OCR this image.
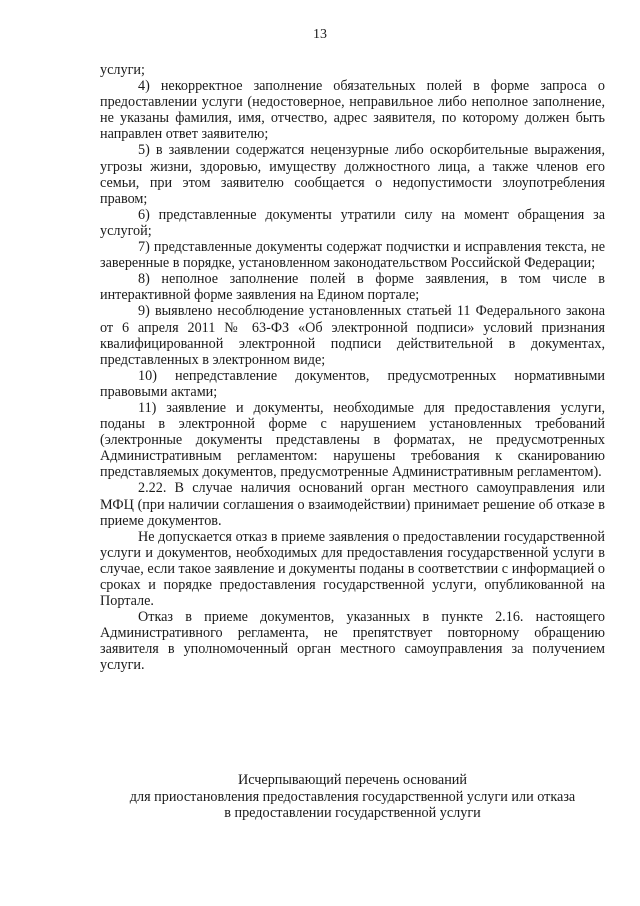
13

услуги;

4) некорректное заполнение обязательных полей в форме запроса о предоставлении услуги (недостоверное, неправильное либо неполное заполнение, не указаны фамилия, имя, отчество, адрес заявителя, по которому должен быть направлен ответ заявителю;

5) в заявлении содержатся нецензурные либо оскорбительные выражения, угрозы жизни, здоровью, имуществу должностного лица, а также членов его семьи, при этом заявителю сообщается о недопустимости злоупотребления правом;

6) представленные документы утратили силу на момент обращения за услугой;

7) представленные документы содержат подчистки и исправления текста, не заверенные в порядке, установленном законодательством Российской Федерации;

8) неполное заполнение полей в форме заявления, в том числе в интерактивной форме заявления на Едином портале;

9) выявлено несоблюдение установленных статьей 11 Федерального закона от 6 апреля 2011 № 63-ФЗ «Об электронной подписи» условий признания квалифицированной электронной подписи действительной в документах, представленных в электронном виде;

10) непредставление документов, предусмотренных нормативными правовыми актами;

11) заявление и документы, необходимые для предоставления услуги, поданы в электронной форме с нарушением установленных требований (электронные документы представлены в форматах, не предусмотренных Административным регламентом: нарушены требования к сканированию представляемых документов, предусмотренные Административным регламентом).

2.22. В случае наличия оснований орган местного самоуправления или МФЦ (при наличии соглашения о взаимодействии) принимает решение об отказе в приеме документов.

Не допускается отказ в приеме заявления о предоставлении государственной услуги и документов, необходимых для предоставления государственной услуги в случае, если такое заявление и документы поданы в соответствии с информацией о сроках и порядке предоставления государственной услуги, опубликованной на Портале.

Отказ в приеме документов, указанных в пункте 2.16. настоящего Административного регламента, не препятствует повторному обращению заявителя в уполномоченный орган местного самоуправления за получением услуги.

Исчерпывающий перечень оснований
для приостановления предоставления государственной услуги или отказа
в предоставлении государственной услуги
